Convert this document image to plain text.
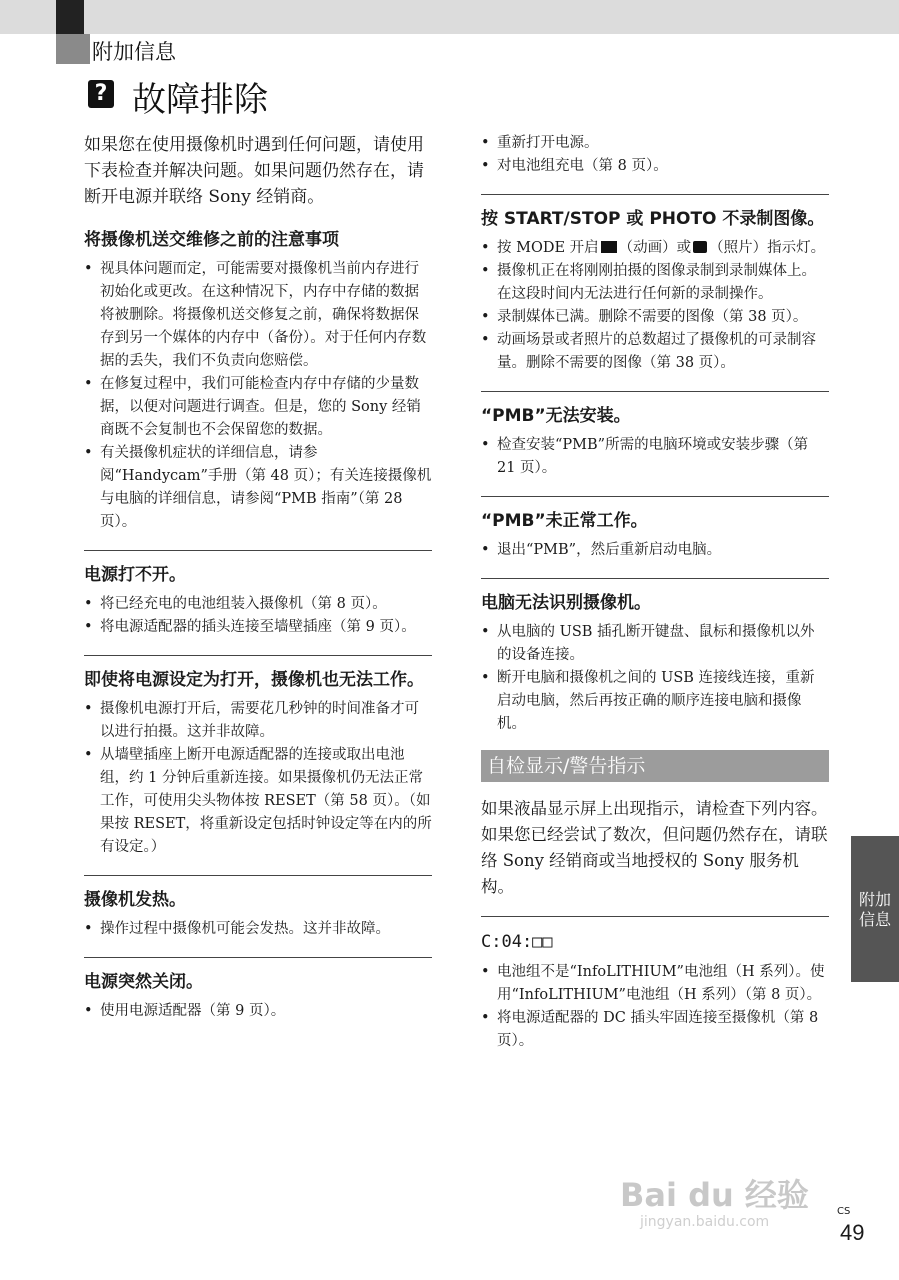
附加信息
? 故障排除

如果您在使用摄像机时遇到任何问题，请使用下表检查并解决问题。如果问题仍然存在，请断开电源并联络 Sony 经销商。

将摄像机送交维修之前的注意事项
• 视具体问题而定，可能需要对摄像机当前内存进行初始化或更改。在这种情况下，内存中存储的数据将被删除。将摄像机送交修复之前，确保将数据保存到另一个媒体的内存中（备份）。对于任何内存数据的丢失，我们不负责向您赔偿。
• 在修复过程中，我们可能检查内存中存储的少量数据，以便对问题进行调查。但是，您的 Sony 经销商既不会复制也不会保留您的数据。
• 有关摄像机症状的详细信息，请参阅“Handycam”手册（第 48 页）；有关连接摄像机与电脑的详细信息，请参阅“PMB 指南”（第 28 页）。
电源打不开。
• 将已经充电的电池组装入摄像机（第 8 页）。
• 将电源适配器的插头连接至墙壁插座（第 9 页）。
即使将电源设定为打开，摄像机也无法工作。
• 摄像机电源打开后，需要花几秒钟的时间准备才可以进行拍摄。这并非故障。
• 从墙壁插座上断开电源适配器的连接或取出电池组，约 1 分钟后重新连接。如果摄像机仍无法正常工作，可使用尖头物体按 RESET（第 58 页）。（如果按 RESET，将重新设定包括时钟设定等在内的所有设定。）
摄像机发热。
• 操作过程中摄像机可能会发热。这并非故障。
电源突然关闭。
• 使用电源适配器（第 9 页）。
• 重新打开电源。
• 对电池组充电（第 8 页）。
按 START/STOP 或 PHOTO 不录制图像。
• 按 MODE 开启 （动画）或 （照片）指示灯。
• 摄像机正在将刚刚拍摄的图像录制到录制媒体上。在这段时间内无法进行任何新的录制操作。
• 录制媒体已满。删除不需要的图像（第 38 页）。
• 动画场景或者照片的总数超过了摄像机的可录制容量。删除不需要的图像（第 38 页）。
“PMB”无法安装。
• 检查安装“PMB”所需的电脑环境或安装步骤（第 21 页）。
“PMB”未正常工作。
• 退出“PMB”，然后重新启动电脑。
电脑无法识别摄像机。
• 从电脑的 USB 插孔断开键盘、鼠标和摄像机以外的设备连接。
• 断开电脑和摄像机之间的 USB 连接线连接，重新启动电脑，然后再按正确的顺序连接电脑和摄像机。
自检显示/警告指示

如果液晶显示屏上出现指示，请检查下列内容。

如果您已经尝试了数次，但问题仍然存在，请联络 Sony 经销商或当地授权的 Sony 服务机构。

C:04:□□
• 电池组不是“InfoLITHIUM”电池组（H 系列）。使用“InfoLITHIUM”电池组（H 系列）（第 8 页）。
• 将电源适配器的 DC 插头牢固连接至摄像机（第 8 页）。
附加信息
Bai du 经验
jingyan.baidu.com
CS
49
